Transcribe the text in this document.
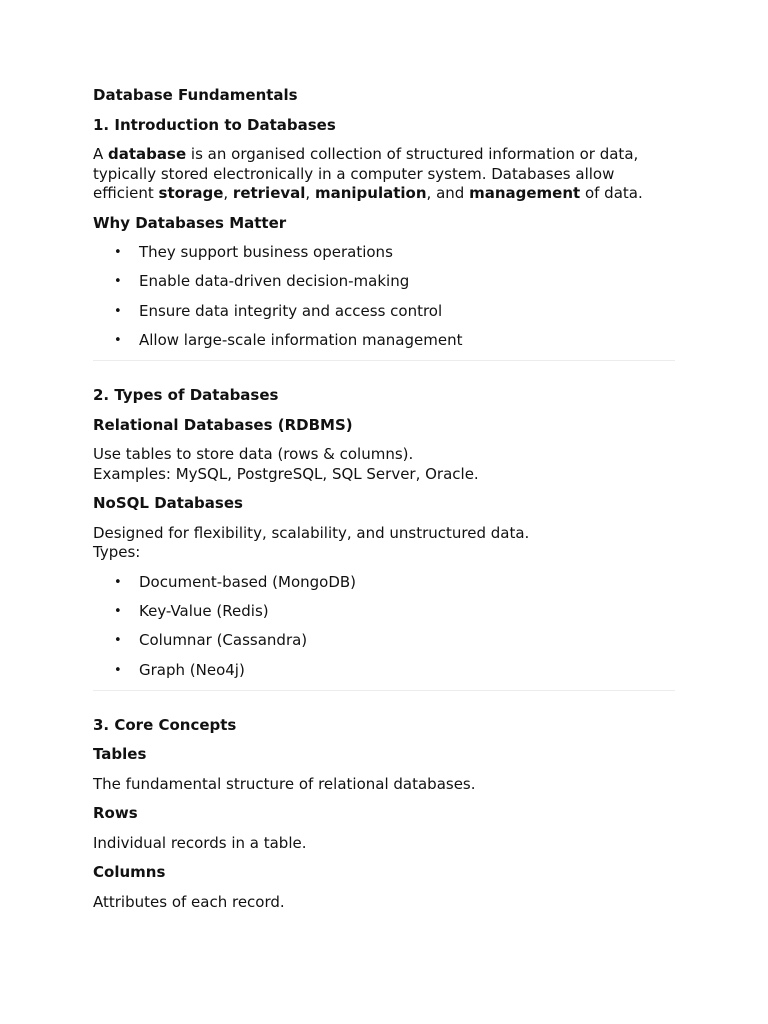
Database Fundamentals

1. Introduction to Databases

A database is an organised collection of structured information or data, typically stored electronically in a computer system. Databases allow efficient storage, retrieval, manipulation, and management of data.

Why Databases Matter

• They support business operations
• Enable data-driven decision-making
• Ensure data integrity and access control
• Allow large-scale information management

2. Types of Databases

Relational Databases (RDBMS)

Use tables to store data (rows & columns).
Examples: MySQL, PostgreSQL, SQL Server, Oracle.

NoSQL Databases

Designed for flexibility, scalability, and unstructured data.
Types:

• Document-based (MongoDB)
• Key-Value (Redis)
• Columnar (Cassandra)
• Graph (Neo4j)

3. Core Concepts

Tables

The fundamental structure of relational databases.

Rows

Individual records in a table.

Columns

Attributes of each record.
